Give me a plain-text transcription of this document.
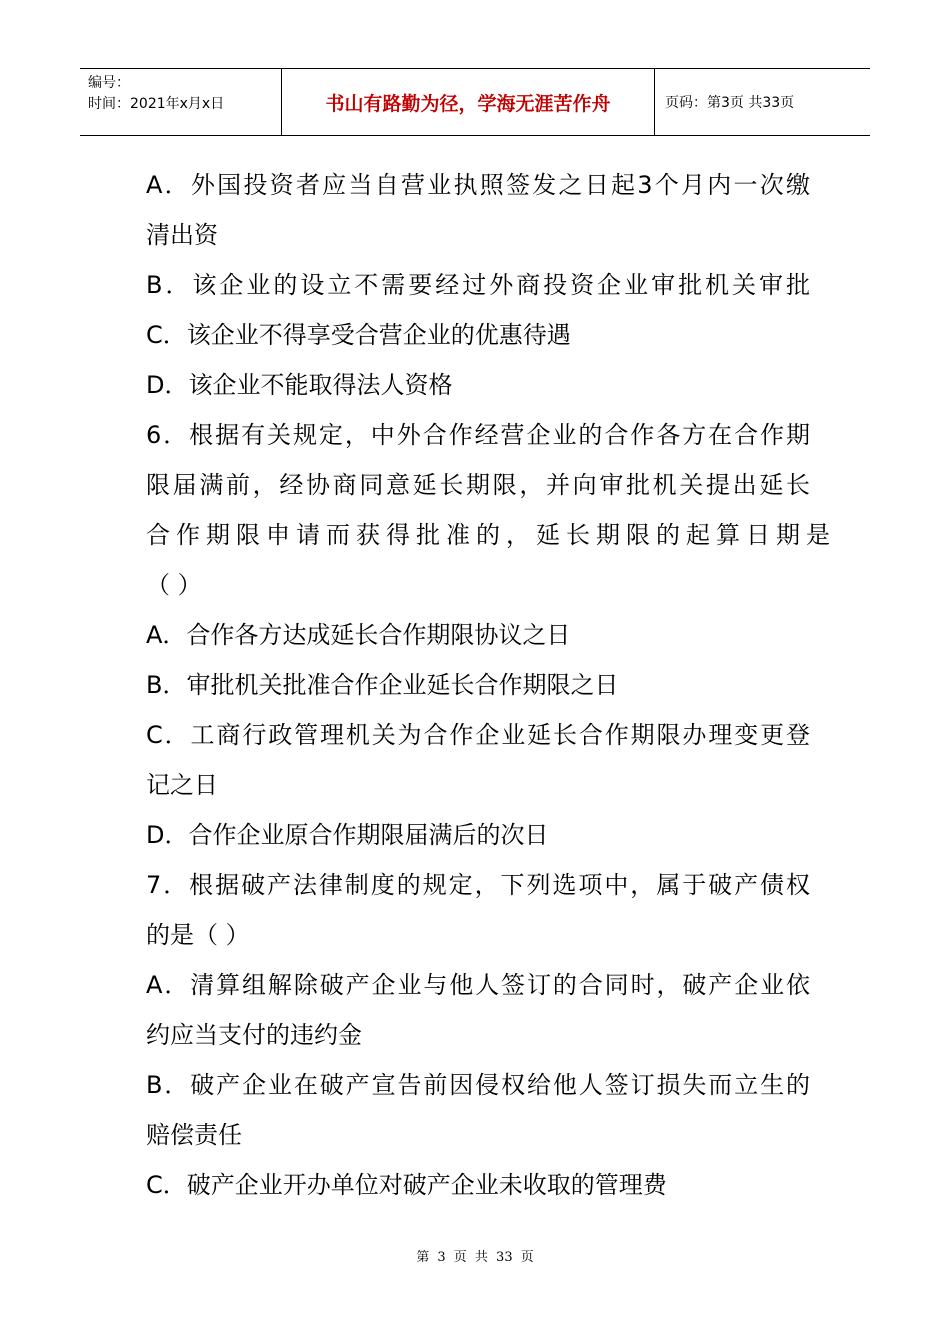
编号：
时间：2021年x月x日	书山有路勤为径，学海无涯苦作舟	页码：第3页 共33页
A．外国投资者应当自营业执照签发之日起3个月内一次缴
清出资
B．该企业的设立不需要经过外商投资企业审批机关审批
C．该企业不得享受合营企业的优惠待遇
D．该企业不能取得法人资格
6．根据有关规定，中外合作经营企业的合作各方在合作期
限届满前，经协商同意延长期限，并向审批机关提出延长
合作期限申请而获得批准的，延长期限的起算日期是
（ ）
A．合作各方达成延长合作期限协议之日
B．审批机关批准合作企业延长合作期限之日
C．工商行政管理机关为合作企业延长合作期限办理变更登
记之日
D．合作企业原合作期限届满后的次日
7．根据破产法律制度的规定，下列选项中，属于破产债权
的是（ ）
A．清算组解除破产企业与他人签订的合同时，破产企业依
约应当支付的违约金
B．破产企业在破产宣告前因侵权给他人签订损失而立生的
赔偿责任
C．破产企业开办单位对破产企业未收取的管理费
第 3 页 共 33 页
